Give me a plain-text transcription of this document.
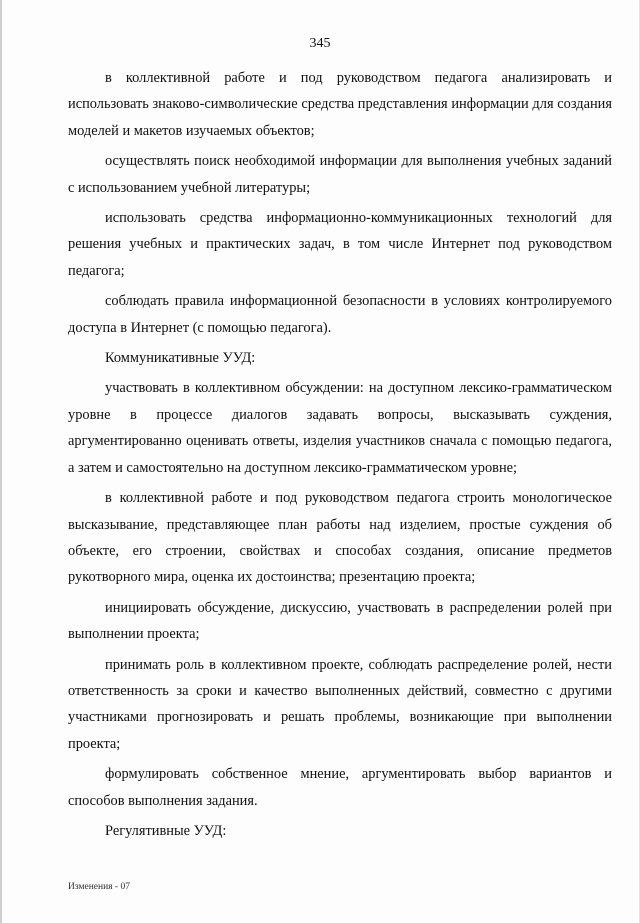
345

в коллективной работе и под руководством педагога анализировать и использовать знаково-символические средства представления информации для создания моделей и макетов изучаемых объектов;

осуществлять поиск необходимой информации для выполнения учебных заданий с использованием учебной литературы;

использовать средства информационно-коммуникационных технологий для решения учебных и практических задач, в том числе Интернет под руководством педагога;

соблюдать правила информационной безопасности в условиях контролируемого доступа в Интернет (с помощью педагога).

Коммуникативные УУД:

участвовать в коллективном обсуждении: на доступном лексико-грамматическом уровне в процессе диалогов задавать вопросы, высказывать суждения, аргументированно оценивать ответы, изделия участников сначала с помощью педагога, а затем и самостоятельно на доступном лексико-грамматическом уровне;

в коллективной работе и под руководством педагога строить монологическое высказывание, представляющее план работы над изделием, простые суждения об объекте, его строении, свойствах и способах создания, описание предметов рукотворного мира, оценка их достоинства; презентацию проекта;

инициировать обсуждение, дискуссию, участвовать в распределении ролей при выполнении проекта;

принимать роль в коллективном проекте, соблюдать распределение ролей, нести ответственность за сроки и качество выполненных действий, совместно с другими участниками прогнозировать и решать проблемы, возникающие при выполнении проекта;

формулировать собственное мнение, аргументировать выбор вариантов и способов выполнения задания.

Регулятивные УУД:

Изменения - 07
